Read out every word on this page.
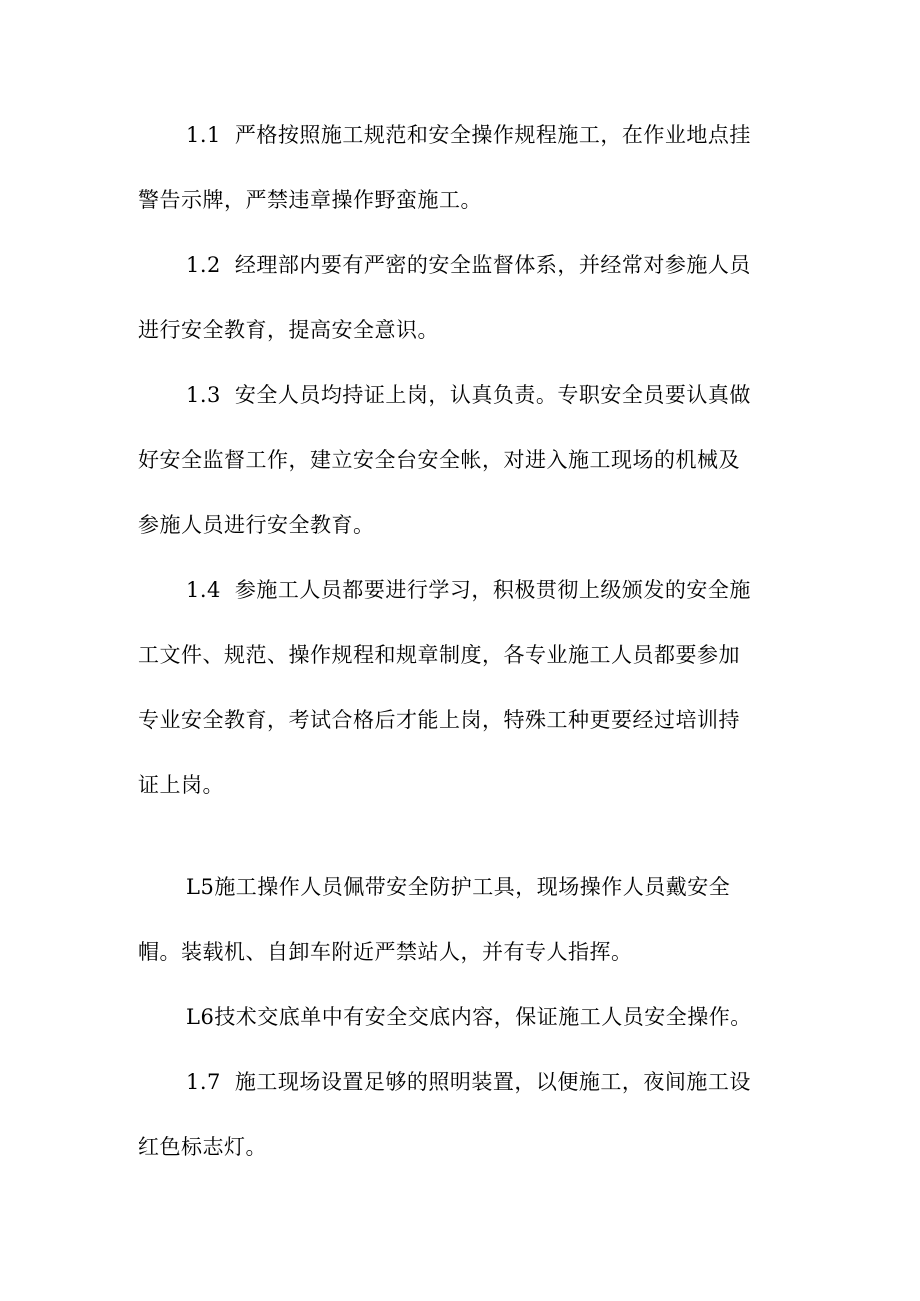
1.1 严格按照施工规范和安全操作规程施工，在作业地点挂
警告示牌，严禁违章操作野蛮施工。
1.2 经理部内要有严密的安全监督体系，并经常对参施人员
进行安全教育，提高安全意识。
1.3 安全人员均持证上岗，认真负责。专职安全员要认真做
好安全监督工作，建立安全台安全帐，对进入施工现场的机械及
参施人员进行安全教育。
1.4 参施工人员都要进行学习，积极贯彻上级颁发的安全施
工文件、规范、操作规程和规章制度，各专业施工人员都要参加
专业安全教育，考试合格后才能上岗，特殊工种更要经过培训持
证上岗。
L5施工操作人员佩带安全防护工具，现场操作人员戴安全
帽。装载机、自卸车附近严禁站人，并有专人指挥。
L6技术交底单中有安全交底内容，保证施工人员安全操作。
1.7 施工现场设置足够的照明装置，以便施工，夜间施工设
红色标志灯。
